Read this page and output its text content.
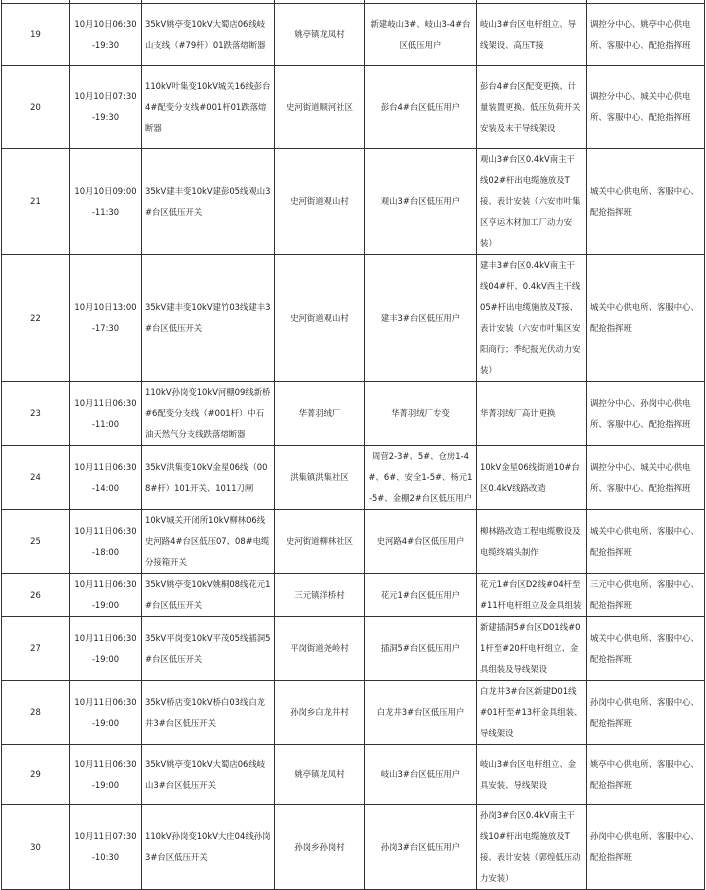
19	10月10日06:30-19:30	35kV姚亭变10kV大蜀店06线岐山支线（#79杆）01跌落熔断器	姚亭镇龙凤村	新建岐山3#、岐山3-4#台区低压用户	岐山3#台区电杆组立、导线架设、高压T接	调控分中心、姚亭中心供电所、客服中心、配抢指挥班
20	10月10日07:30-19:30	110kV叶集变10kV城关16线彭台4#配变分支线#001杆01跌落熔断器	史河街道顺河社区	彭台4#台区低压用户	彭台4#台区配变更换、计量装置更换、低压负荷开关安装及末干导线架设	调控分中心、城关中心供电所、客服中心、配抢指挥班
21	10月10日09:00-11:30	35kV建丰变10kV建彭05线观山3#台区低压开关	史河街道观山村	观山3#台区低压用户	观山3#台区0.4kV南主干线02#杆出电缆施放及T接、表计安装（六安市叶集区亨运木材加工厂动力安装）	城关中心供电所、客服中心、配抢指挥班
22	10月10日13:00-17:30	35kV建丰变10kV建竹03线建丰3#台区低压开关	史河街道观山村	建丰3#台区低压用户	建丰3#台区0.4kV南主干线04#杆、0.4kV西主干线05#杆出电缆施放及T接、表计安装（六安市叶集区安阳商行；季纪报光伏动力安装）	城关中心供电所、客服中心、配抢指挥班
23	10月11日06:30-11:00	110kV孙岗变10kV河棚09线新桥#6配变分支线（#001杆）中石油天然气分支线跌落熔断器	华菁羽绒厂	华菁羽绒厂专变	华菁羽绒厂高计更换	调控分中心、孙岗中心供电所、客服中心、配抢指挥班
24	10月11日06:30-14:00	35kV洪集变10kV金星06线（008#杆）101开关、1011刀闸	洪集镇洪集社区	周营2-3#、5#、仓房1-4#、6#、安全1-5#、杨元1-5#、金棚2#台区低压用户	10kV金星06线街道10#台区0.4kV线路改造	调控分中心、城关中心供电所、客服中心、配抢指挥班
25	10月11日06:30-18:00	10kV城关开闭所10kV柳林06线史河路4#台区低压07、08#电缆分接箱开关	史河街道柳林社区	史河路4#台区低压用户	柳林路改造工程电缆敷设及电缆终端头制作	城关中心供电所、客服中心、配抢指挥班
26	10月11日06:30-19:00	35kV姚亭变10kV姚桐08线花元1#台区低压开关	三元镇洋桥村	花元1#台区低压用户	花元1#台区D2线#04杆至#11杆电杆组立及金具组装	三元中心供电所、客服中心、配抢指挥班
27	10月11日06:30-19:00	35kV平岗变10kV平茂05线插洞5#台区低压开关	平岗街道尧岭村	插洞5#台区低压用户	新建插洞5#台区D01线#01杆至#20杆电杆组立、金具组装及导线架设	城关中心供电所、客服中心、配抢指挥班
28	10月11日06:30-19:00	35kV桥店变10kV桥白03线白龙井3#台区低压开关	孙岗乡白龙井村	白龙井3#台区低压用户	白龙井3#台区新建D01线#01杆至#13杆金具组装、导线架设	孙岗中心供电所、客服中心、配抢指挥班
29	10月11日06:30-19:00	35kV姚亭变10kV大蜀店06线岐山3#台区低压开关	姚亭镇龙凤村	岐山3#台区低压用户	岐山3#台区电杆组立、金具安装、导线架设	姚亭中心供电所、客服中心、配抢指挥班
30	10月11日07:30-10:30	110kV孙岗变10kV大庄04线孙岗3#台区低压开关	孙岗乡孙岗村	孙岗3#台区低压用户	孙岗3#台区0.4kV南主干线10#杆出电缆施放及T接、表计安装（郭煌低压动力安装）	孙岗中心供电所、客服中心、配抢指挥班
